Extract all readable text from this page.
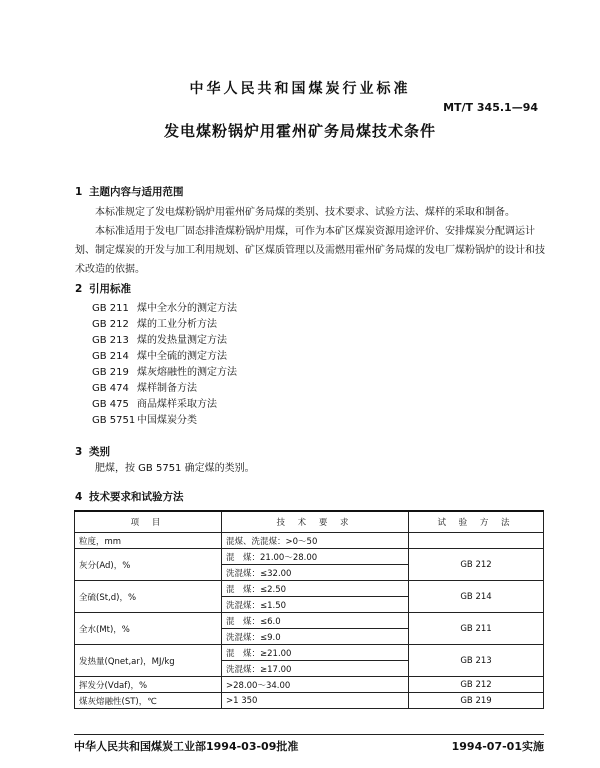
中华人民共和国煤炭行业标准
MT/T 345.1—94
发电煤粉锅炉用霍州矿务局煤技术条件
1 主题内容与适用范围
本标准规定了发电煤粉锅炉用霍州矿务局煤的类别、技术要求、试验方法、煤样的采取和制备。
本标准适用于发电厂固态排渣煤粉锅炉用煤，可作为本矿区煤炭资源用途评价、安排煤炭分配调运计划、制定煤炭的开发与加工利用规划、矿区煤质管理以及需燃用霍州矿务局煤的发电厂煤粉锅炉的设计和技术改造的依据。
2 引用标准
GB 211 煤中全水分的测定方法
GB 212 煤的工业分析方法
GB 213 煤的发热量测定方法
GB 214 煤中全硫的测定方法
GB 219 煤灰熔融性的测定方法
GB 474 煤样制备方法
GB 475 商品煤样采取方法
GB 5751 中国煤炭分类
3 类别
肥煤，按 GB 5751 确定煤的类别。
4 技术要求和试验方法
项 目	技 术 要 求	试 验 方 法
粒度，mm	混煤、洗混煤：>0～50	
灰分(Ad)，%	混　煤：21.00～28.00	GB 212
	洗混煤：≤32.00	
全硫(St,d)，%	混　煤：≤2.50	GB 214
	洗混煤：≤1.50	
全水(Mt)，%	混　煤：≤6.0	GB 211
	洗混煤：≤9.0	
发热量(Qnet,ar)，MJ/kg	混　煤：≥21.00	GB 213
	洗混煤：≥17.00	
挥发分(Vdaf)，%	>28.00～34.00	GB 212
煤灰熔融性(ST)，℃	>1 350	GB 219
中华人民共和国煤炭工业部1994-03-09批准	1994-07-01实施
